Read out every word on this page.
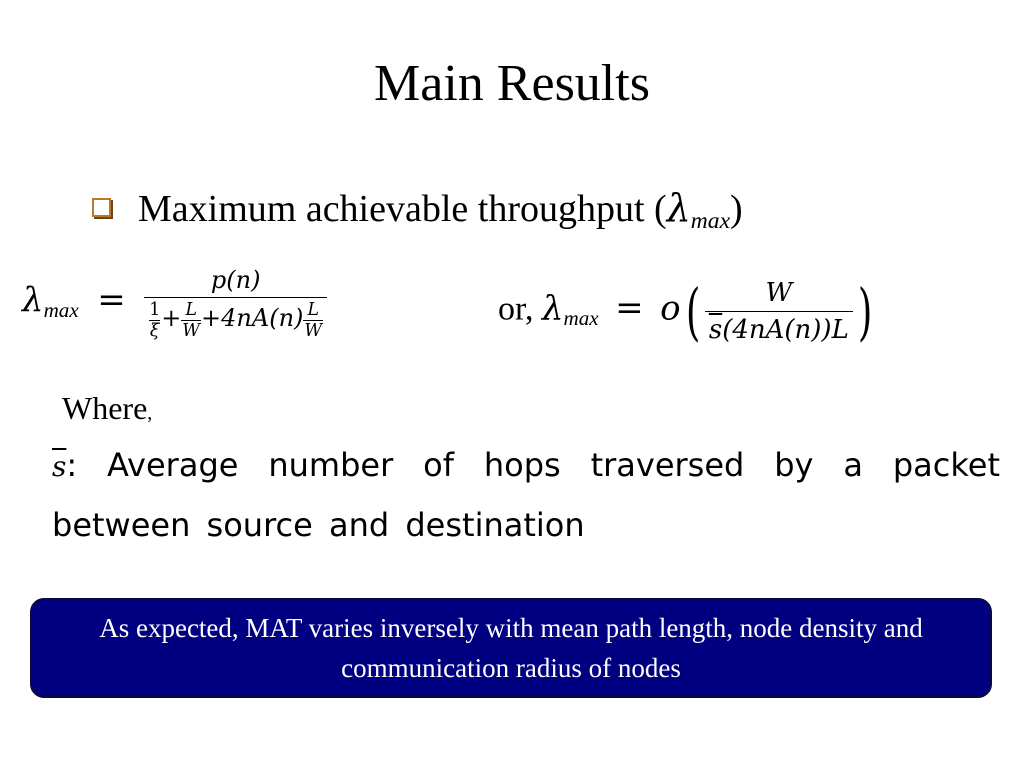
Main Results
Maximum achievable throughput (λmax)
$\lambda\max = \frac{p(n)}{\frac{1}{\xi} + \frac{L}{W} +4nA(n) \frac{L}{W}}$	or, $\lambda\max = o( \frac{W}{\overline{s}(4nA(n))L}$ )
Where,
$\overline{s}$: Average number of hops traversed by a packet between source and destination
As expected, MAT varies inversely with mean path length, node density and communication radius of nodes
